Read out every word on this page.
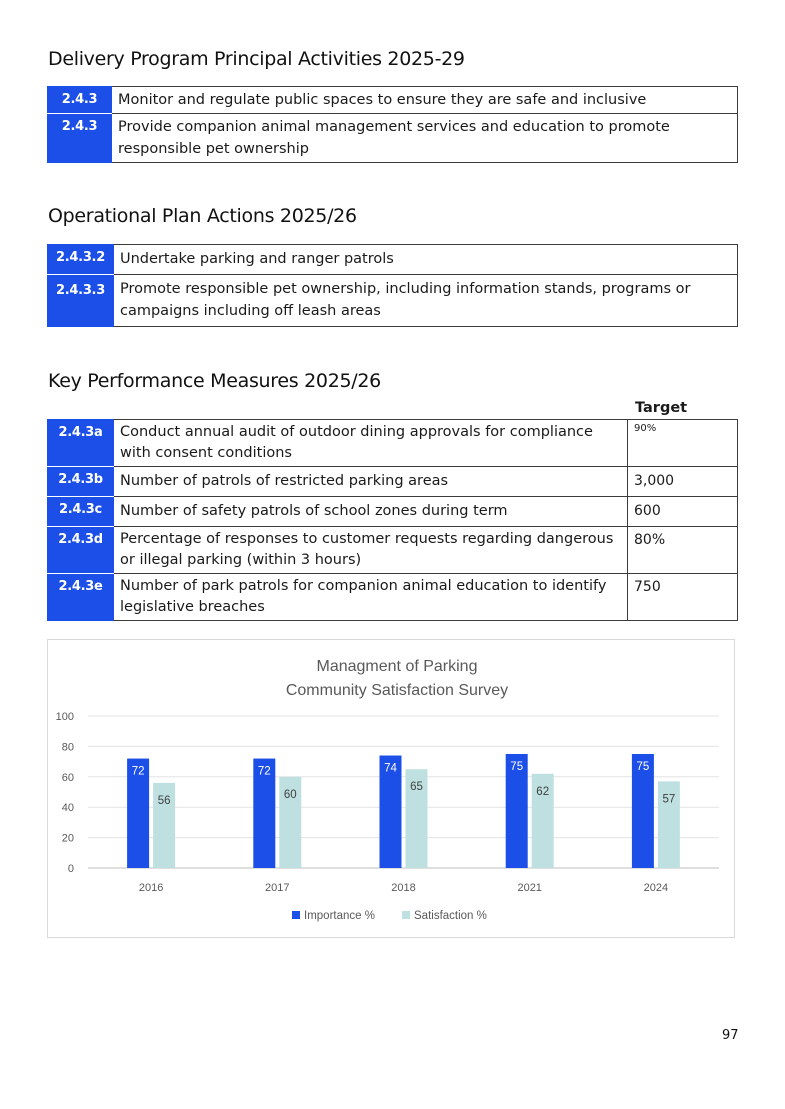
Delivery Program Principal Activities 2025-29
2.4.3	Monitor and regulate public spaces to ensure they are safe and inclusive
2.4.3	Provide companion animal management services and education to promote responsible pet ownership
Operational Plan Actions 2025/26
2.4.3.2	Undertake parking and ranger patrols
2.4.3.3	Promote responsible pet ownership, including information stands, programs or campaigns including off leash areas
Key Performance Measures 2025/26
Target
2.4.3a	Conduct annual audit of outdoor dining approvals for compliance with consent conditions	90%
2.4.3b	Number of patrols of restricted parking areas	3,000
2.4.3c	Number of safety patrols of school zones during term	600
2.4.3d	Percentage of responses to customer requests regarding dangerous or illegal parking (within 3 hours)	80%
2.4.3e	Number of park patrols for companion animal education to identify legislative breaches	750
Managment of Parking
Community Satisfaction Survey
0
20
40
60
80
100
72
56
2016
72
60
2017
74
65
2018
75
62
2021
75
57
2024
Importance %	Satisfaction %
97
